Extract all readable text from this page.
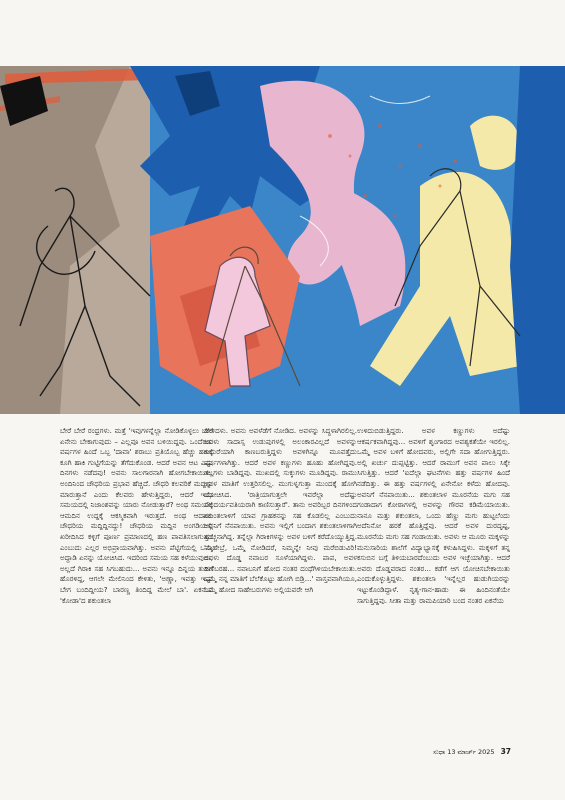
ಬೇರೆ ಬೇರೆ ರಂಧ್ರಗಳು. ಮತ್ತೆ 'ಇವುಗಳನ್ನೆಲ್ಲಾ ನೋಡಿಕೊಳ್ಳಲು ಬೇರೆ ಏನೇನು ಬೇಕಾಗುವುದು – ಎಲ್ಲವೂ ಅವನ ಬಳಿಯಿದ್ದವು. ಒಂದೆರಡು ವರ್ಷಗಳ ಹಿಂದೆ ಒಬ್ಬ 'ದಾವಾ' ಶರಾಬು ಪ್ರತಿಯೊಬ್ಬ ಹೆಚ್ಚು ಹಣಕ್ಕೆ ಕೂಗಿ ಹಾಕಿ ಗುಟ್ಟಿಗೆಯನ್ನು ತೆಗೆದುಕೊಂಡ. ಆದರೆ ಅವನ ಆಟ ಎಷ್ಟು ದಿನಗಳು ನಡೆದವು! ಅವನು ಸಾಲಗಾರನಾಗಿ ಹೋಗಬೇಕಾಯಿತು. ಅಂದಿನಿಂದ ಚೌಧರಿಯ ಪ್ರಭಾವ ಹೆಚ್ಚಿದೆ. ಚೌಧರಿ ಕಲವರಿಕೆ ಮದ್ದನ್ನು ಮಾರುತ್ತಾನೆ ಎಂದು ಕೆಲವರು ಹೇಳುತ್ತಿದ್ದರು, ಆದರೆ ಇಂಥ ಸಮಯದಲ್ಲಿ ನಿಜಾಂಶವನ್ನು ಯಾರು ನೋಡುತ್ತಾರೆ? ಅಂಥ ಸಮಯಕ್ಕೆ ಆಮದಿನ ಉದ್ದಕ್ಕೆ ಆಕಸ್ಮಿಕವಾಗಿ ಇರುತ್ತದೆ. ಅಂಥ ಆದಾಯ ಚೌಧರಿಯ ಮದ್ದಿದ್ದಿನದ್ದು! ಚೌಧರಿಯ ಮದ್ದಿನ ಅಂಗಡಿಯಲ್ಲಿ ಖರೀದಿಸಿದ ಕಳ್ಳಿಗೆ ಪೂರ್ಣ ಪ್ರಮಾಣದಲ್ಲಿ ಹಣ ಪಾವತಿಸಲಾಗುತ್ತದೆ ಎಂಬುದು ಎಲ್ಲರ ಅಭಿಪ್ರಾಯವಾಗಿತ್ತು. ಅವನು ಪೆಟ್ಟಿಗೆಯಲ್ಲಿ ಒಮ್ಮೆ ಅದ್ದಾಡಿ ಏನನ್ನು ಯೋಚಿಸಿದ. ಇದರಿಂದ ಸಮಯ ಸಹ ಕಳೆಯುವುದು, ಅಲ್ಲದೆ ಗಿರಾಕಿ ಸಹ ಸಿಗಬಹುದು... ಅವನು ಇನ್ನೂ ದಿನ್ನಯ ತುದಿಗೆ ಹೊರಳಿದ್ದ, ಆಗಲೇ ಮೇಲಿನಿಂದ ಕೇಳಿತು, 'ಅಣ್ಣಾ, ಇವತ್ತು ಇಷ್ಟು ಬೇಗ ಬಂದಿದ್ದೀಯ? ಬಾರಣ್ಣ ತಿಂದಿದ್ದ ಮೇಲೆ ಬಾ'. ಏಕನೆಯ 'ಕೋಡಾ'ದ ಶಕುಂತಲಾ

ಹೇಳಿದಳು. ಅವನು ಅವಳೆಡೆಗೆ ನೋಡಿದ. ಅವಳನ್ನು ಸಿದ್ಧಳಾಗಿರಲಿಲ್ಲ. ಅವಳು ಸಾದಾಸ್ಸ ಉಡುಪುಗಳಲ್ಲಿ ಅಲಂಕಾರವಿಲ್ಲದೆ ಅವಳನ್ನು ಕುದುರೆಯಾಗಿ ಕಾಣಬರುತ್ತಿದ್ದಳು ಅವಳಿಗಿನ್ನೂ ಮೂವತ್ತೈದು ವರ್ಷಗಳಾಗಿತ್ತು. ಆದರೆ ಅವಳ ಕಣ್ಣುಗಳು ಹೂಹು ಹೋಗಿದ್ದವು. ಗಲ್ಲಗಳು ಬಾಡಿದ್ದವು. ಮುಖದಲ್ಲಿ ಸುಕ್ಕುಗಳು ಮೂಡಿದ್ದವು. ರಾಮು ಅವಳ ಮಾತಿಗೆ ಉತ್ತರಿಸಲಿಲ್ಲ. ಮುಗುಳ್ನಗುತ್ತಾ ಮುಂದಕ್ಕೆ ಹೋಗಿ ಯೋಚಿಸಿದ. 'ರಾತ್ರಿಯಾಗುತ್ತಲೇ ಇವರೆಲ್ಲಾ ಅದೆಷ್ಟು ಸೌಂದರ್ಯವತಿಯರಾಗಿ ಕಾಣಿಸುತ್ತಾರೆ'. ತಾನು ಅವರಿಬ್ಬರ ದಿನಗಳಿಂದ ಶಕುಂತಲಾಳಿಗೆ ಯಾವ ಗ್ರಾಹಕನನ್ನು ಸಹ ಕೊಡಲಿಲ್ಲ ಎಂಬುದು ಅವನಿಗೆ ನೆನಪಾಯಿತು. ಅವನು ಇಲ್ಲಿಗೆ ಬಂದಾಗ ಶಕುಂತಲಾಳಿಗಾಗಿ ಹುಚ್ಚನಾಗಿದ್ದ. ತನ್ನೆಲ್ಲಾ ಗಿರಾಕಿಗಳನ್ನು ಅವಳ ಬಳಿಗೆ ಕರೆದೊಯ್ಯುತ್ತಿದ್ದ. 'ಸಾಹೇಬ್ರೆ, ಒಮ್ಮೆ ನೋಡಿದರೆ, ನಿಮ್ಮನ್ನೇ ನೀವು ಮರೆಬಿಡುವಿರಿ! ಅವಳು ದೊಡ್ಡ ನವಾಬರ ಸೂಳೆಯಾಗಿದ್ದಳು. ಪಾಪ, ಅವಳ ಹಣೆಬರಹ... ನವಾಬನಿಗೆ ಹೋದ ನಂತರ ದಂಧೆಗಿಳಿಯಬೇಕಾಯಿತು. ಒಮ್ಮೆ ನನ್ನ ಮಾತಿಗೆ ಬೆಲೆಕೊಟ್ಟು ಹೋಗಿ ಬಿಡ್ರಿ...' ವಾಸ್ತವವಾಗಿಯೂ, ಒಮ್ಮೆ ಹೋದ ಸಾಹೇಬರುಗಳು ಅಲ್ಲಿಯವರೇ ಆಗಿ

ಉಳಿದುಬಿಡುತ್ತಿದ್ದರು. ಅವಳ ಕಣ್ಣುಗಳು ಅದೆಷ್ಟು ಆಕರ್ಷಕವಾಗಿದ್ದವು... ಅವಳಿಗೆ ಶೃಂಗಾರದ ಅವಶ್ಯಕತೆಯೇ ಇರಲಿಲ್ಲ. ಒಮ್ಮೆ ಅವಳ ಬಳಿಗೆ ಹೋದವರು, ಅಲ್ಲಿಗೇ ಸದಾ ಹೋಗುತ್ತಿದ್ದರು. ಅಲ್ಲಿ ಖರ್ಚು ದುಪ್ಪಟ್ಟಿತ್ತು. ಆದರೆ ರಾಮುಗೆ ಅವನ ಪಾಲು ಸಿಕ್ಕೇ ಸಿಗುತ್ತಿತ್ತು. ಆದರೆ 'ಐದೆಲ್ಲಾ ಘಟನೆಗಳು ಹತ್ತು ವರ್ಷಗಳ ಹಿಂದೆ ನಡೆದಿತ್ತು. ಈ ಹತ್ತು ವರ್ಷಗಳಲ್ಲಿ ಏನೇನೋ ಕಳೆದು ಹೋದವು. ಅವನಿಗೆ ನೆನಪಾಯಿತು... ಶಕುಂತಲಾಳ ಮೂರನೆಯ ಮಗು ಸಹ ಗಂಡಾದಾಗ ಕೋಠಾಗಳಲ್ಲಿ ಅವಳನ್ನು ಗೌರವ ಕಡಿಮೆಯಾಯಿತು. ನಾನೂ ಮತ್ತು ಶಕುಂತಲಾ, ಒಂದು ಹೆಣ್ಣು ಮಗು ಹುಟ್ಟಲೆಂದು ಅದೆನಿನೋ ಹರಕೆ ಹೊತ್ತಿದ್ದೆವು. ಆದರೆ ಅವಳ ದುರದೃಷ್ಟ, ಮೂರನೆಯ ಮಗು ಸಹ ಗಂಡಾಯಿತು. ಅವಳು ಆ ಮೂರು ಮಕ್ಕಳನ್ನು ಮನುಸಾರಿಯ ಶಾಲೆಗೆ ವಿದ್ಯಾಭ್ಯಾಸಕ್ಕೆ ಕಳುಹಿಸಿದ್ದಳು. ಮಕ್ಕಳಿಗೆ ತನ್ನ ಕಸುಬಿನ ಬಗ್ಗೆ ತಿಳಿಯಬಾರದೆಂಬುದು ಅವಳ ಇಚ್ಛೆಯಾಗಿತ್ತು. ಆದರೆ ಅವರು ದೊಡ್ಡವರಾದ ನಂತರ... ಕಡೆಗೆ ಆಗ ಯೋಚಿಸಬೇಕಾಯಿತು ಎಂದುಕೊಳ್ಳುತ್ತಿದ್ದಳು. ಶಕುಂತಲಾ 'ಇನ್ನೆಲ್ಲರ ಹುಡುಗಿಯರನ್ನು ಇಟ್ಟುಕೊಂಡಿದ್ದಾಳೆ. ನೃತ್ಯ-ಗಾನ-ಹಾಡು ಈ ಹಿಂದಿನಂತೆಯೇ ಸಾಗುತ್ತಿದ್ದವು. ಸೀತಾ ಮತ್ತು ರಾಮಪಿಯಾರಿ ಬಂದ ನಂತರ ಏಕನೆಯ

ಸುಧಾ 13 ಮಾರ್ಚ್ 2025 37
